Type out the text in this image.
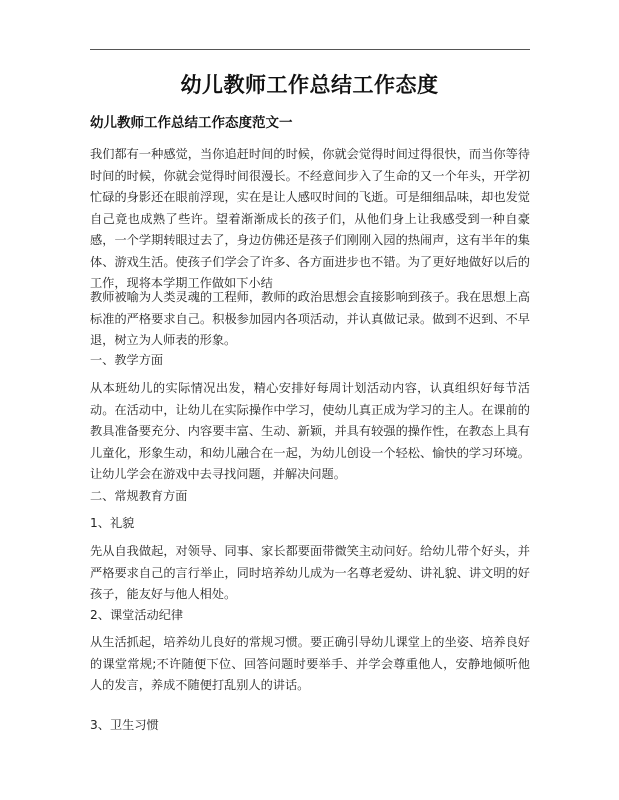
幼儿教师工作总结工作态度
幼儿教师工作总结工作态度范文一

我们都有一种感觉，当你追赶时间的时候，你就会觉得时间过得很快，而当你等待时间的时候，你就会觉得时间很漫长。不经意间步入了生命的又一个年头，开学初忙碌的身影还在眼前浮现，实在是让人感叹时间的飞逝。可是细细品味，却也发觉自己竟也成熟了些许。望着渐渐成长的孩子们，从他们身上让我感受到一种自豪感，一个学期转眼过去了，身边仿佛还是孩子们刚刚入园的热闹声，这有半年的集体、游戏生活。使孩子们学会了许多、各方面进步也不错。为了更好地做好以后的工作，现将本学期工作做如下小结

教师被喻为人类灵魂的工程师，教师的政治思想会直接影响到孩子。我在思想上高标准的严格要求自己。积极参加园内各项活动，并认真做记录。做到不迟到、不早退，树立为人师表的形象。

一、教学方面

从本班幼儿的实际情况出发，精心安排好每周计划活动内容，认真组织好每节活动。在活动中，让幼儿在实际操作中学习，使幼儿真正成为学习的主人。在课前的教具准备要充分、内容要丰富、生动、新颖，并具有较强的操作性，在教态上具有儿童化，形象生动，和幼儿融合在一起，为幼儿创设一个轻松、愉快的学习环境。让幼儿学会在游戏中去寻找问题，并解决问题。

二、常规教育方面
1、礼貌

先从自我做起，对领导、同事、家长都要面带微笑主动问好。给幼儿带个好头，并严格要求自己的言行举止，同时培养幼儿成为一名尊老爱幼、讲礼貌、讲文明的好孩子，能友好与他人相处。

2、课堂活动纪律

从生活抓起，培养幼儿良好的常规习惯。要正确引导幼儿课堂上的坐姿、培养良好的课堂常规;不许随便下位、回答问题时要举手、并学会尊重他人，安静地倾听他人的发言，养成不随便打乱别人的讲话。

3、卫生习惯
